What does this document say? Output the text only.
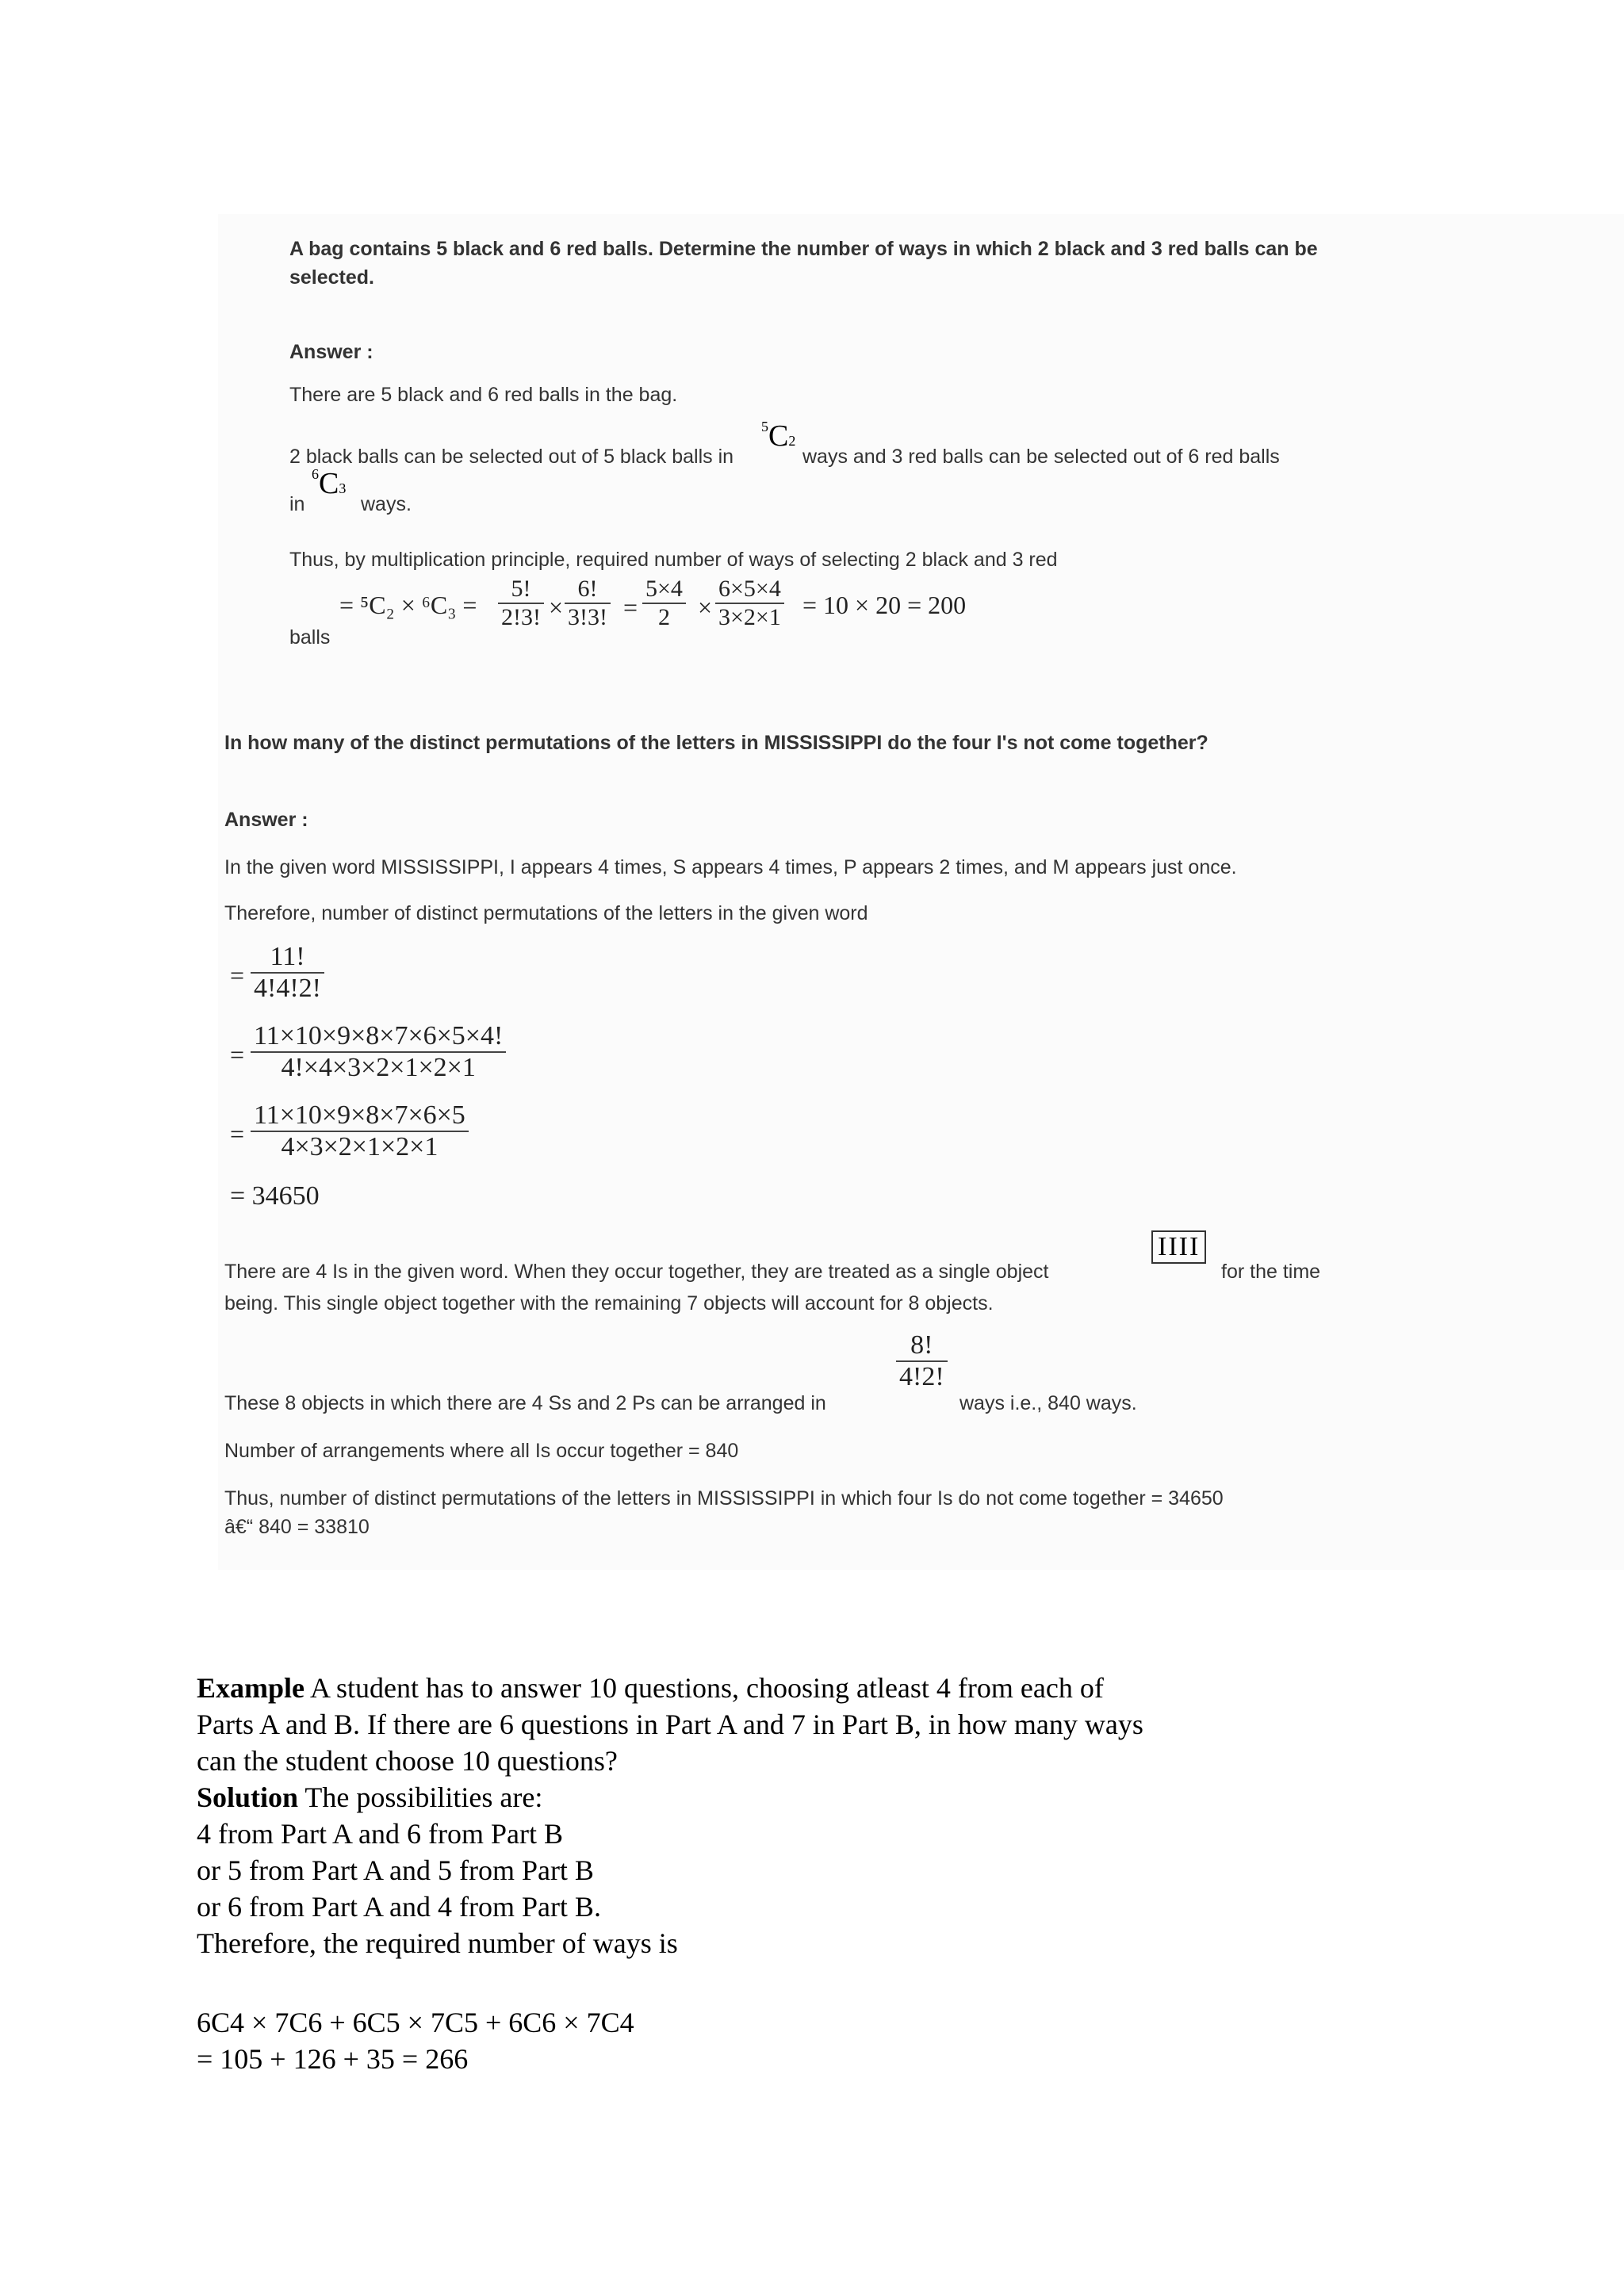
A bag contains 5 black and 6 red balls. Determine the number of ways in which 2 black and 3 red balls can be
selected.
Answer :
There are 5 black and 6 red balls in the bag.
2 black balls can be selected out of 5 black balls in
5C2
ways and 3 red balls can be selected out of 6 red balls
in
6C3
ways.
Thus, by multiplication principle, required number of ways of selecting 2 black and 3 red
balls
= $^5C_2 \times ^6C_3 = \frac{5!}{2!3!} \times \frac{6!}{3!3!} = \frac{5\times 4}{2} \times \frac{6\times 5\times 4}{3\times 2\times 1} = 10 \times 20 = 200$
In how many of the distinct permutations of the letters in MISSISSIPPI do the four I's not come together?
Answer :
In the given word MISSISSIPPI, I appears 4 times, S appears 4 times, P appears 2 times, and M appears just once.
Therefore, number of distinct permutations of the letters in the given word
= $\frac{11!}{4!4!2!}$
= $\frac{11\times 10\times 9\times 8\times 7\times 6\times 5\times 4!}{4!\times 4\times 3\times 2\times 1\times 2\times 1}$
= $\frac{11\times 10\times 9\times 8\times 7\times 6\times 5}{4\times 3\times 2\times 1\times 2\times 1}$
= 34650
There are 4 Is in the given word. When they occur together, they are treated as a single object
IIII
for the time
being. This single object together with the remaining 7 objects will account for 8 objects.
These 8 objects in which there are 4 Ss and 2 Ps can be arranged in
$\frac{8!}{4!2!}$
ways i.e., 840 ways.
Number of arrangements where all Is occur together = 840
Thus, number of distinct permutations of the letters in MISSISSIPPI in which four Is do not come together = 34650
â€“ 840 = 33810
Example A student has to answer 10 questions, choosing atleast 4 from each of
Parts A and B. If there are 6 questions in Part A and 7 in Part B, in how many ways
can the student choose 10 questions?
Solution The possibilities are:
4 from Part A and 6 from Part B
or 5 from Part A and 5 from Part B
or 6 from Part A and 4 from Part B.
Therefore, the required number of ways is
6C4 × 7C6 + 6C5 × 7C5 + 6C6 × 7C4
= 105 + 126 + 35 = 266
